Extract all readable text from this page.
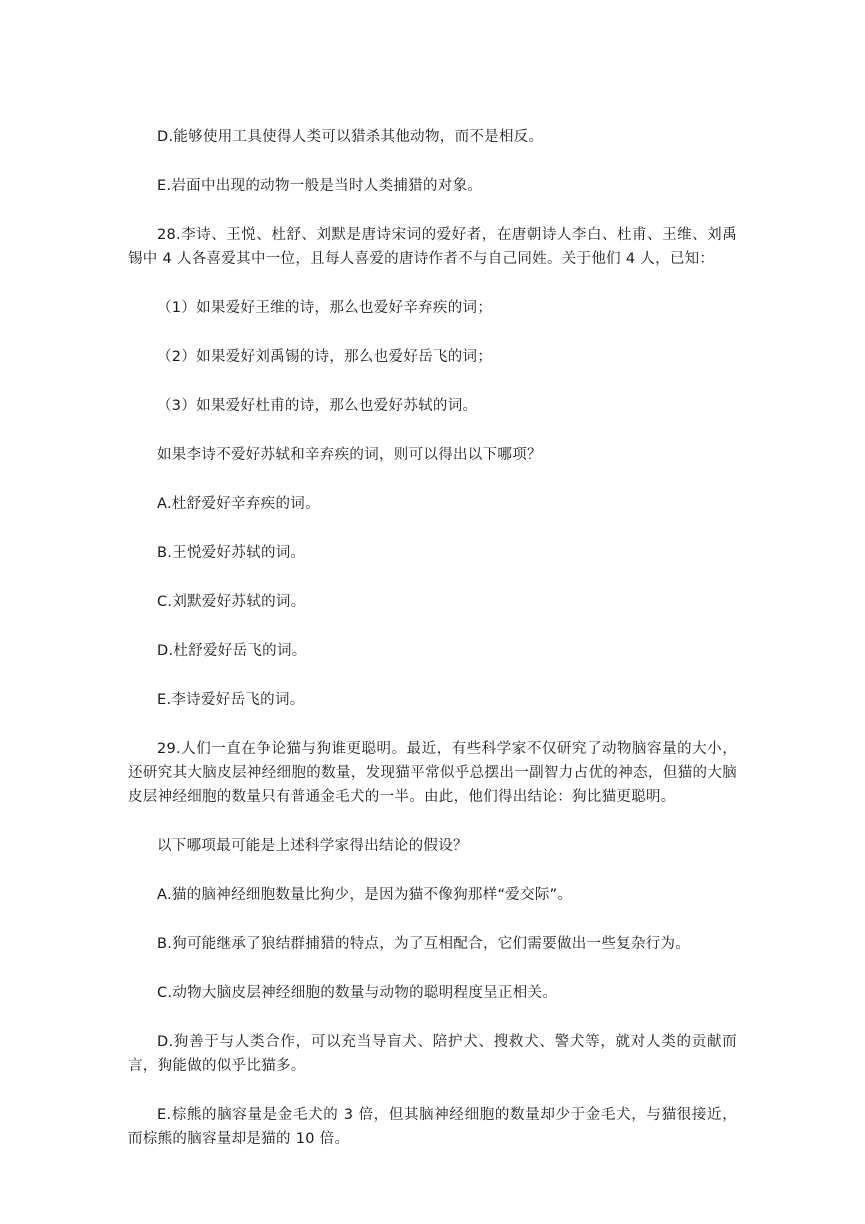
D.能够使用工具使得人类可以猎杀其他动物，而不是相反。

E.岩面中出现的动物一般是当时人类捕猎的对象。

28.李诗、王悦、杜舒、刘默是唐诗宋词的爱好者，在唐朝诗人李白、杜甫、王维、刘禹锡中 4 人各喜爱其中一位，且每人喜爱的唐诗作者不与自己同姓。关于他们 4 人，已知：

（1）如果爱好王维的诗，那么也爱好辛弃疾的词；

（2）如果爱好刘禹锡的诗，那么也爱好岳飞的词；

（3）如果爱好杜甫的诗，那么也爱好苏轼的词。

如果李诗不爱好苏轼和辛弃疾的词，则可以得出以下哪项？

A.杜舒爱好辛弃疾的词。

B.王悦爱好苏轼的词。

C.刘默爱好苏轼的词。

D.杜舒爱好岳飞的词。

E.李诗爱好岳飞的词。

29.人们一直在争论猫与狗谁更聪明。最近，有些科学家不仅研究了动物脑容量的大小，还研究其大脑皮层神经细胞的数量，发现猫平常似乎总摆出一副智力占优的神态，但猫的大脑皮层神经细胞的数量只有普通金毛犬的一半。由此，他们得出结论：狗比猫更聪明。

以下哪项最可能是上述科学家得出结论的假设？

A.猫的脑神经细胞数量比狗少，是因为猫不像狗那样“爱交际”。

B.狗可能继承了狼结群捕猎的特点，为了互相配合，它们需要做出一些复杂行为。

C.动物大脑皮层神经细胞的数量与动物的聪明程度呈正相关。

D.狗善于与人类合作，可以充当导盲犬、陪护犬、搜救犬、警犬等，就对人类的贡献而言，狗能做的似乎比猫多。

E.棕熊的脑容量是金毛犬的 3 倍，但其脑神经细胞的数量却少于金毛犬，与猫很接近，而棕熊的脑容量却是猫的 10 倍。
